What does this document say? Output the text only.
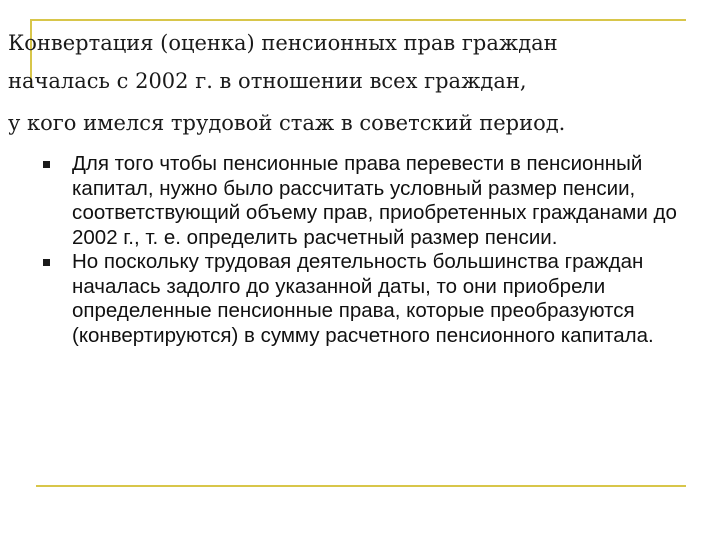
Конвертация (оценка) пенсионных прав граждан
началась с 2002 г. в отношении всех граждан,
у кого имелся трудовой стаж в советский период.
Для того чтобы пенсионные права перевести в пенсионный капитал, нужно было рассчитать условный размер пенсии, соответствующий объему прав, приобретенных гражданами до 2002 г., т. е. определить расчетный размер пенсии.
Но поскольку трудовая деятельность большинства граждан началась задолго до указанной даты, то они приобрели определенные пенсионные права, которые преобразуются (конвертируются) в сумму расчетного пенсионного капитала.
